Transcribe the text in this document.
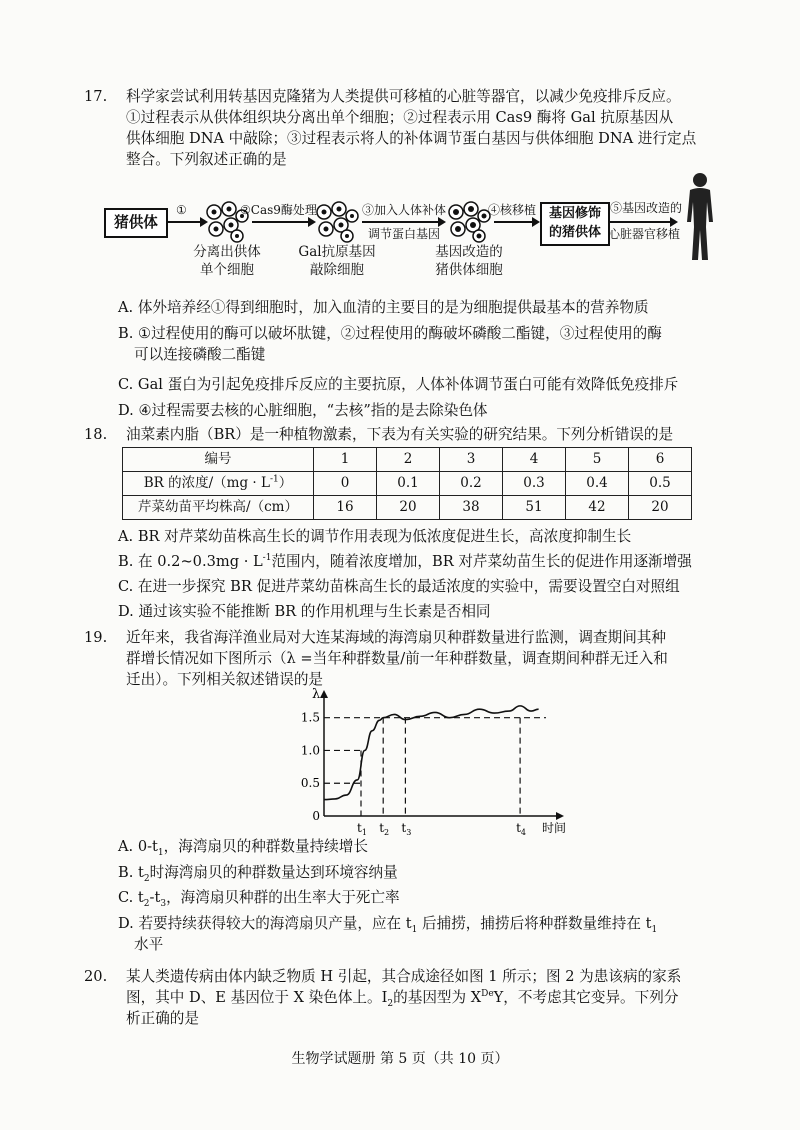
17.	科学家尝试利用转基因克隆猪为人类提供可移植的心脏等器官，以减少免疫排斥反应。
①过程表示从供体组织块分离出单个细胞；②过程表示用 Cas9 酶将 Gal 抗原基因从
供体细胞 DNA 中敲除；③过程表示将人的补体调节蛋白基因与供体细胞 DNA 进行定点
整合。下列叙述正确的是
猪供体
①	②Cas9酶处理	③加入人体补体
调节蛋白基因
④核移植 基因修饰
的猪供体
⑤基因改造的
心脏器官移植
分离出供体
单个细胞
Gal抗原基因
敲除细胞
基因改造的
猪供体细胞
A. 体外培养经①得到细胞时，加入血清的主要目的是为细胞提供最基本的营养物质
B. ①过程使用的酶可以破坏肽键，②过程使用的酶破坏磷酸二酯键，③过程使用的酶
可以连接磷酸二酯键
C. Gal 蛋白为引起免疫排斥反应的主要抗原，人体补体调节蛋白可能有效降低免疫排斥
D. ④过程需要去核的心脏细胞，“去核”指的是去除染色体
18.	油菜素内脂（BR）是一种植物激素，下表为有关实验的研究结果。下列分析错误的是
编号	1	2	3	4	5	6
BR 的浓度$/(mg \cdot L^{-1})$	0	0.1	0.2	0.3	0.4	0.5
芹菜幼苗平均株高/（cm）	16	20	38	51	42	20
A. BR 对芹菜幼苗株高生长的调节作用表现为低浓度促进生长，高浓度抑制生长
B. 在 0.2~0.3mg · $L^{-1}$范围内，随着浓度增加，BR 对芹菜幼苗生长的促进作用逐渐增强
C. 在进一步探究 BR 促进芹菜幼苗株高生长的最适浓度的实验中，需要设置空白对照组
D. 通过该实验不能推断 BR 的作用机理与生长素是否相同
19.	近年来，我省海洋渔业局对大连某海域的海湾扇贝种群数量进行监测，调查期间其种
群增长情况如下图所示（λ =当年种群数量/前一年种群数量，调查期间种群无迁入和
迁出）。下列相关叙述错误的是
λ
0
0.5
1.0
1.5
$t_1$ $t_2$ $t_3$	$t_4$ 时间
A. $0-t_1$，海湾扇贝的种群数量持续增长
B. $t_2$时海湾扇贝的种群数量达到环境容纳量
C. $t_2-t_3$，海湾扇贝种群的出生率大于死亡率
D. 若要持续获得较大的海湾扇贝产量，应在 $t_1$ 后捕捞，捕捞后将种群数量维持在 $t_1$
水平
20.	某人类遗传病由体内缺乏物质 H 引起，其合成途径如图 1 所示；图 2 为患该病的家系
图，其中 D、E 基因位于 X 染色体上。$Ⅰ_2$的基因型为 XDeY，不考虑其它变异。下列分
析正确的是
生物学试题册 第 5 页（共 10 页）
